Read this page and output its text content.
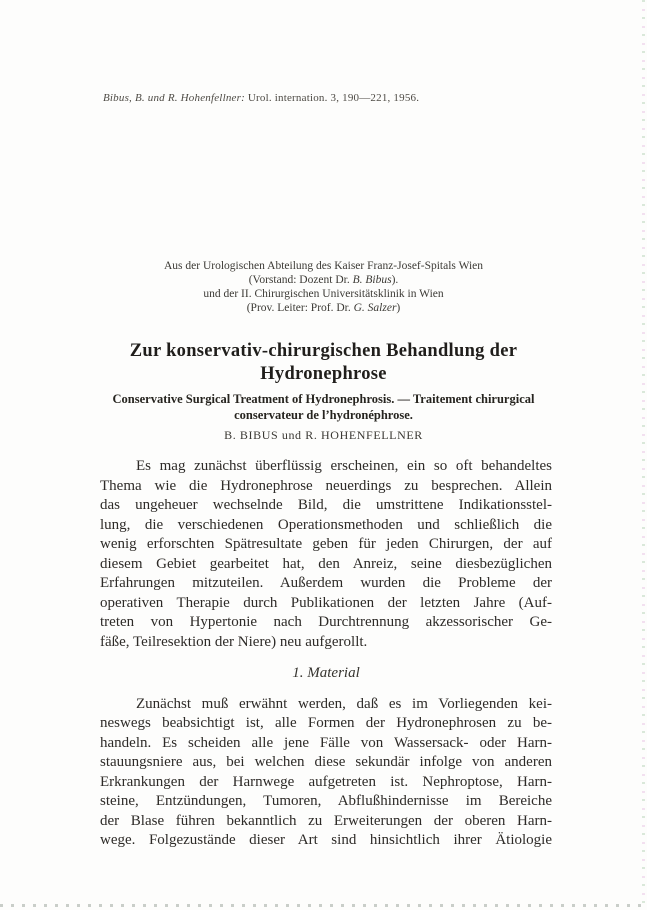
Bibus, B. und R. Hohenfellner: Urol. internation. 3, 190—221, 1956.
Aus der Urologischen Abteilung des Kaiser Franz-Josef-Spitals Wien
(Vorstand: Dozent Dr. B. Bibus).
und der II. Chirurgischen Universitätsklinik in Wien
(Prov. Leiter: Prof. Dr. G. Salzer)
Zur konservativ-chirurgischen Behandlung der
Hydronephrose
Conservative Surgical Treatment of Hydronephrosis. — Traitement chirurgical
conservateur de l’hydronéphrose.
B. BIBUS und R. HOHENFELLNER
Es mag zunächst überflüssig erscheinen, ein so oft behandeltes
Thema wie die Hydronephrose neuerdings zu besprechen. Allein
das ungeheuer wechselnde Bild, die umstrittene Indikationsstel-
lung, die verschiedenen Operationsmethoden und schließlich die
wenig erforschten Spätresultate geben für jeden Chirurgen, der auf
diesem Gebiet gearbeitet hat, den Anreiz, seine diesbezüglichen
Erfahrungen mitzuteilen. Außerdem wurden die Probleme der
operativen Therapie durch Publikationen der letzten Jahre (Auf-
treten von Hypertonie nach Durchtrennung akzessorischer Ge-
fäße, Teilresektion der Niere) neu aufgerollt.
1. Material
Zunächst muß erwähnt werden, daß es im Vorliegenden kei-
neswegs beabsichtigt ist, alle Formen der Hydronephrosen zu be-
handeln. Es scheiden alle jene Fälle von Wassersack- oder Harn-
stauungsniere aus, bei welchen diese sekundär infolge von anderen
Erkrankungen der Harnwege aufgetreten ist. Nephroptose, Harn-
steine, Entzündungen, Tumoren, Abflußhindernisse im Bereiche
der Blase führen bekanntlich zu Erweiterungen der oberen Harn-
wege. Folgezustände dieser Art sind hinsichtlich ihrer Ätiologie
